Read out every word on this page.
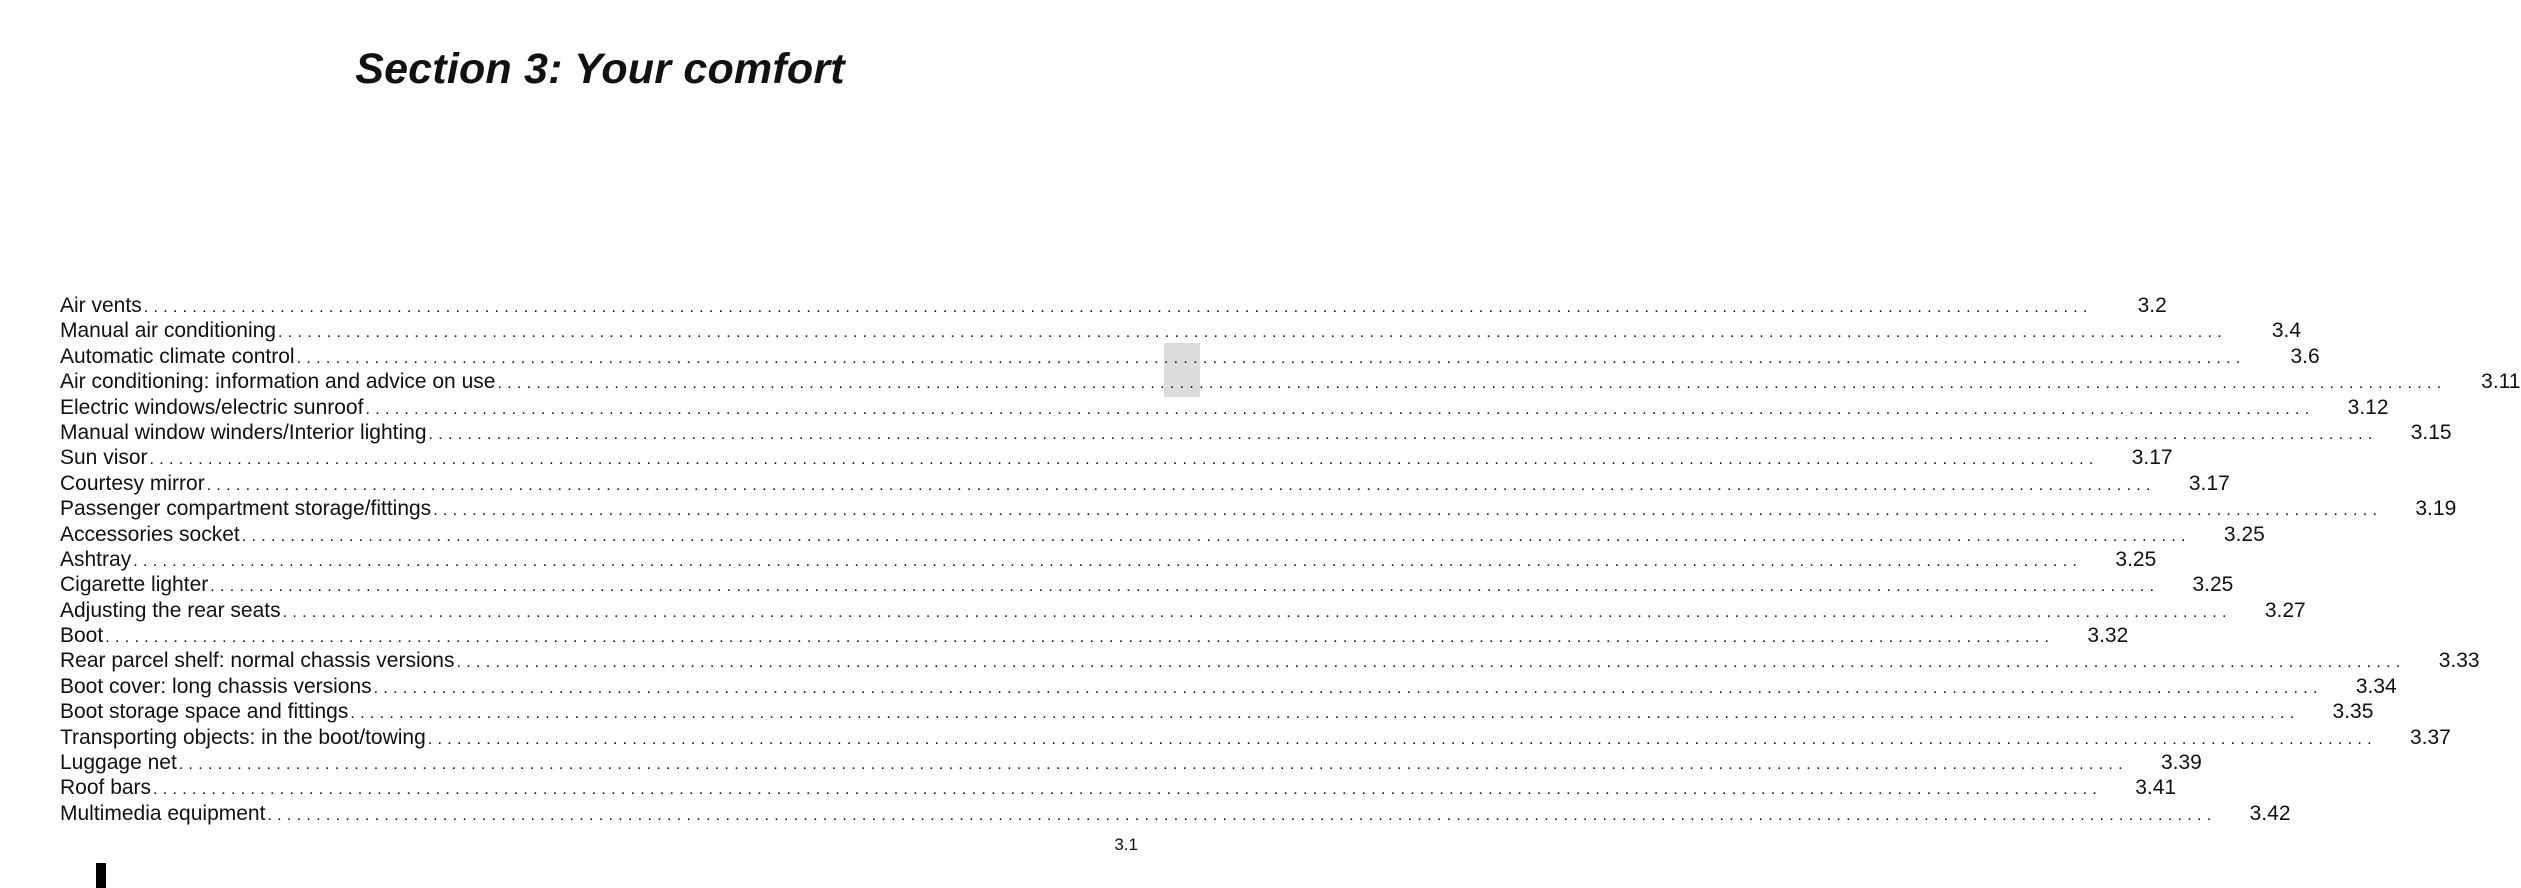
Section 3: Your comfort
Air vents ........................................................................................................................................................................................................	3.2
Manual air conditioning ........................................................................................................................................................................................................	3.4
Automatic climate control ........................................................................................................................................................................................................	3.6
Air conditioning: information and advice on use ........................................................................................................................................................................................................ 3.11
Electric windows/electric sunroof ........................................................................................................................................................................................................ 3.12
Manual window winders/Interior lighting ........................................................................................................................................................................................................ 3.15
Sun visor ........................................................................................................................................................................................................ 3.17
Courtesy mirror ........................................................................................................................................................................................................ 3.17
Passenger compartment storage/fittings ........................................................................................................................................................................................................ 3.19
Accessories socket ........................................................................................................................................................................................................ 3.25
Ashtray ........................................................................................................................................................................................................ 3.25
Cigarette lighter ........................................................................................................................................................................................................ 3.25
Adjusting the rear seats ........................................................................................................................................................................................................ 3.27
Boot ........................................................................................................................................................................................................ 3.32
Rear parcel shelf: normal chassis versions ........................................................................................................................................................................................................ 3.33
Boot cover: long chassis versions ........................................................................................................................................................................................................ 3.34
Boot storage space and fittings ........................................................................................................................................................................................................ 3.35
Transporting objects: in the boot/towing ........................................................................................................................................................................................................ 3.37
Luggage net ........................................................................................................................................................................................................ 3.39
Roof bars ........................................................................................................................................................................................................ 3.41
Multimedia equipment ........................................................................................................................................................................................................ 3.42
3.1
